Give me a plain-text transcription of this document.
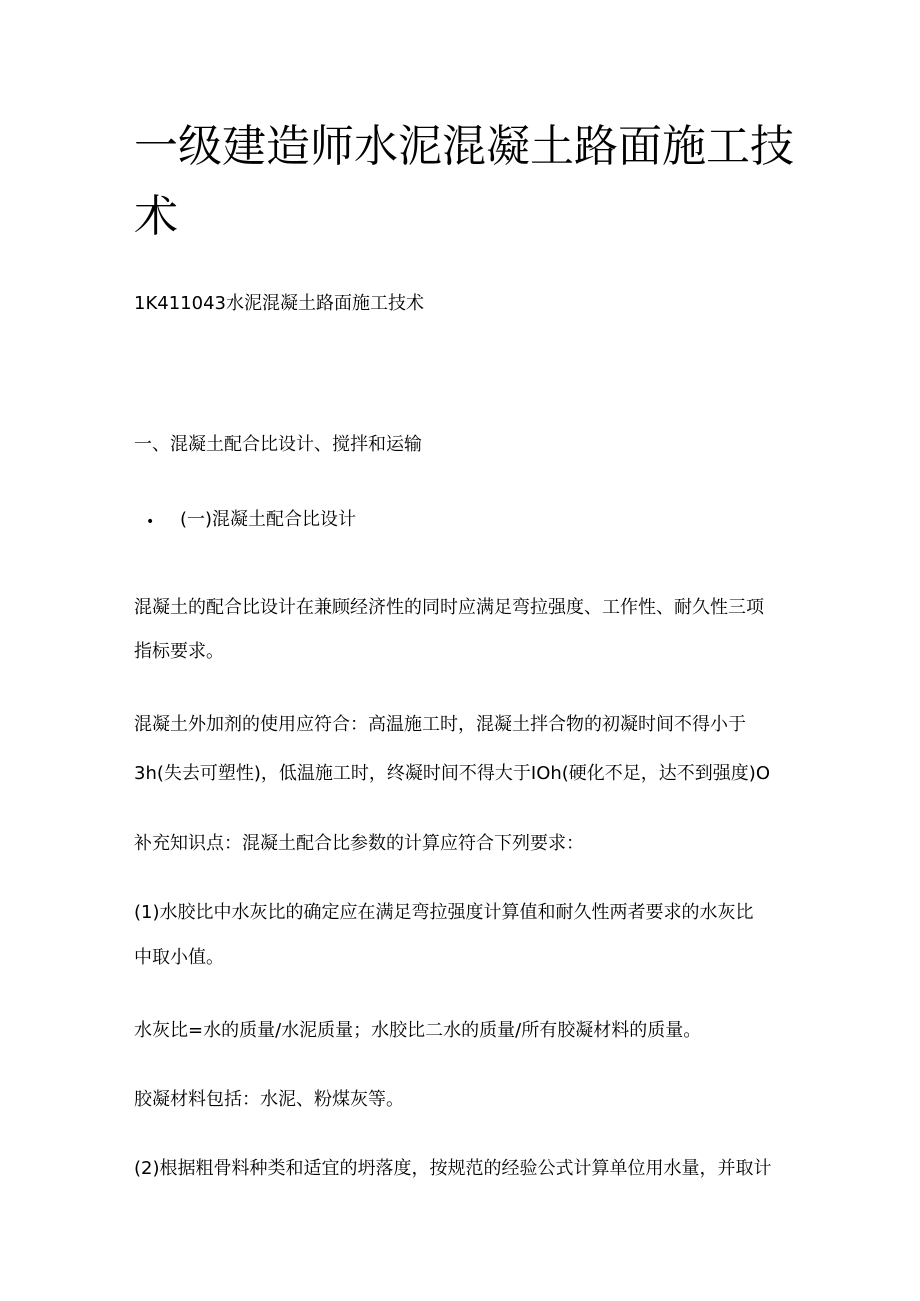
一级建造师水泥混凝土路面施工技术

1K411043水泥混凝土路面施工技术

一、混凝土配合比设计、搅拌和运输

• (一)混凝土配合比设计

混凝土的配合比设计在兼顾经济性的同时应满足弯拉强度、工作性、耐久性三项

指标要求。

混凝土外加剂的使用应符合：高温施工时，混凝土拌合物的初凝时间不得小于

3h(失去可塑性)，低温施工时，终凝时间不得大于IOh(硬化不足，达不到强度)O

补充知识点：混凝土配合比参数的计算应符合下列要求：

(1)水胶比中水灰比的确定应在满足弯拉强度计算值和耐久性两者要求的水灰比

中取小值。

水灰比=水的质量/水泥质量；水胶比二水的质量/所有胶凝材料的质量。

胶凝材料包括：水泥、粉煤灰等。

(2)根据粗骨料种类和适宜的坍落度，按规范的经验公式计算单位用水量，并取计
